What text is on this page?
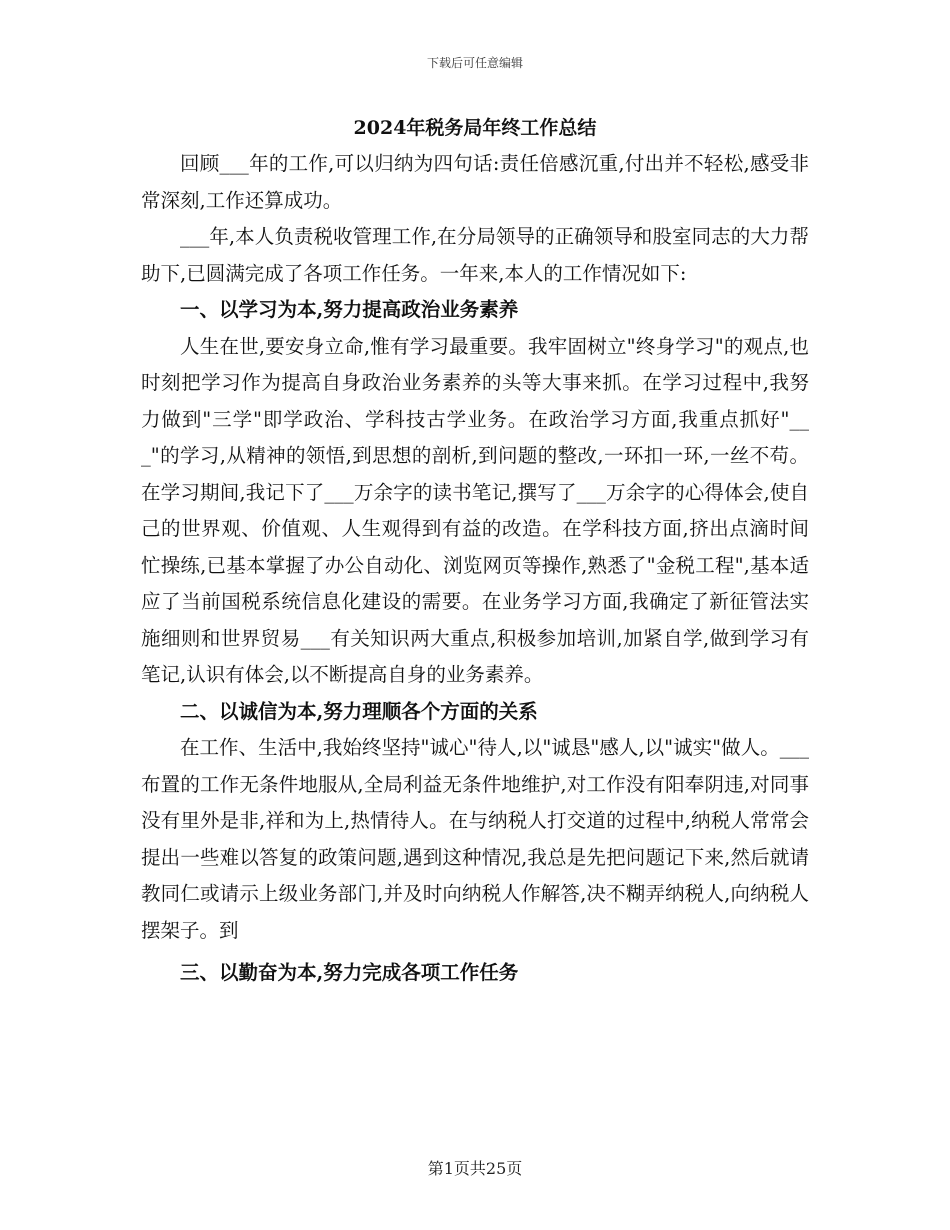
下载后可任意编辑
2024年税务局年终工作总结

回顾___年的工作,可以归纳为四句话:责任倍感沉重,付出并不轻松,感受非常深刻,工作还算成功。

___年,本人负责税收管理工作,在分局领导的正确领导和股室同志的大力帮助下,已圆满完成了各项工作任务。一年来,本人的工作情况如下:

一、以学习为本,努力提高政治业务素养

人生在世,要安身立命,惟有学习最重要。我牢固树立"终身学习"的观点,也时刻把学习作为提高自身政治业务素养的头等大事来抓。在学习过程中,我努力做到"三学"即学政治、学科技古学业务。在政治学习方面,我重点抓好"___"的学习,从精神的领悟,到思想的剖析,到问题的整改,一环扣一环,一丝不苟。在学习期间,我记下了___万余字的读书笔记,撰写了___万余字的心得体会,使自己的世界观、价值观、人生观得到有益的改造。在学科技方面,挤出点滴时间忙操练,已基本掌握了办公自动化、浏览网页等操作,熟悉了"金税工程",基本适应了当前国税系统信息化建设的需要。在业务学习方面,我确定了新征管法实施细则和世界贸易___有关知识两大重点,积极参加培训,加紧自学,做到学习有笔记,认识有体会,以不断提高自身的业务素养。

二、以诚信为本,努力理顺各个方面的关系

在工作、生活中,我始终坚持"诚心"待人,以"诚恳"感人,以"诚实"做人。___布置的工作无条件地服从,全局利益无条件地维护,对工作没有阳奉阴违,对同事没有里外是非,祥和为上,热情待人。在与纳税人打交道的过程中,纳税人常常会提出一些难以答复的政策问题,遇到这种情况,我总是先把问题记下来,然后就请教同仁或请示上级业务部门,并及时向纳税人作解答,决不糊弄纳税人,向纳税人摆架子。到

三、以勤奋为本,努力完成各项工作任务

第1页共25页
